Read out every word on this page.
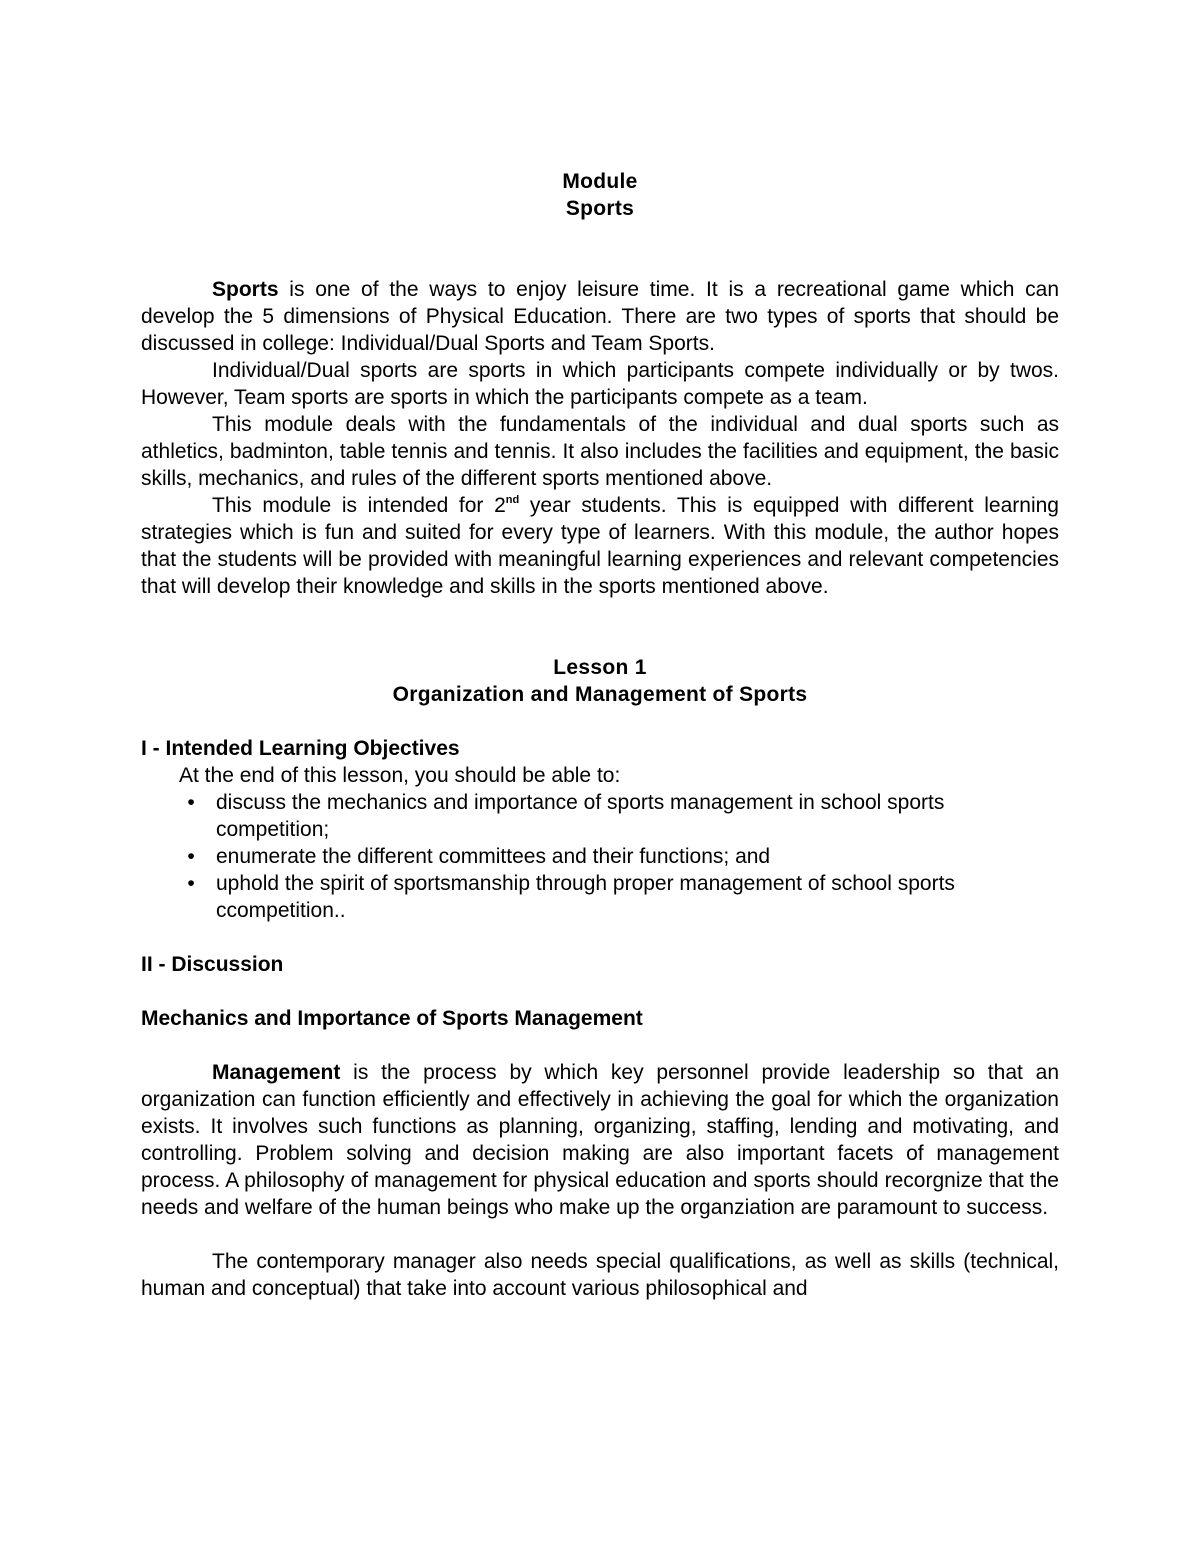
Module
Sports

Sports is one of the ways to enjoy leisure time. It is a recreational game which can develop the 5 dimensions of Physical Education. There are two types of sports that should be discussed in college: Individual/Dual Sports and Team Sports.

Individual/Dual sports are sports in which participants compete individually or by twos. However, Team sports are sports in which the participants compete as a team.

This module deals with the fundamentals of the individual and dual sports such as athletics, badminton, table tennis and tennis. It also includes the facilities and equipment, the basic skills, mechanics, and rules of the different sports mentioned above.

This module is intended for 2nd year students. This is equipped with different learning strategies which is fun and suited for every type of learners. With this module, the author hopes that the students will be provided with meaningful learning experiences and relevant competencies that will develop their knowledge and skills in the sports mentioned above.

Lesson 1
Organization and Management of Sports

I - Intended Learning Objectives

At the end of this lesson, you should be able to:

•	discuss the mechanics and importance of sports management in school sports competition;
•	enumerate the different committees and their functions; and
•	uphold the spirit of sportsmanship through proper management of school sports ccompetition..

II - Discussion

Mechanics and Importance of Sports Management

Management is the process by which key personnel provide leadership so that an organization can function efficiently and effectively in achieving the goal for which the organization exists. It involves such functions as planning, organizing, staffing, lending and motivating, and controlling. Problem solving and decision making are also important facets of management process. A philosophy of management for physical education and sports should recorgnize that the needs and welfare of the human beings who make up the organziation are paramount to success.

The contemporary manager also needs special qualifications, as well as skills (technical, human and conceptual) that take into account various philosophical and
